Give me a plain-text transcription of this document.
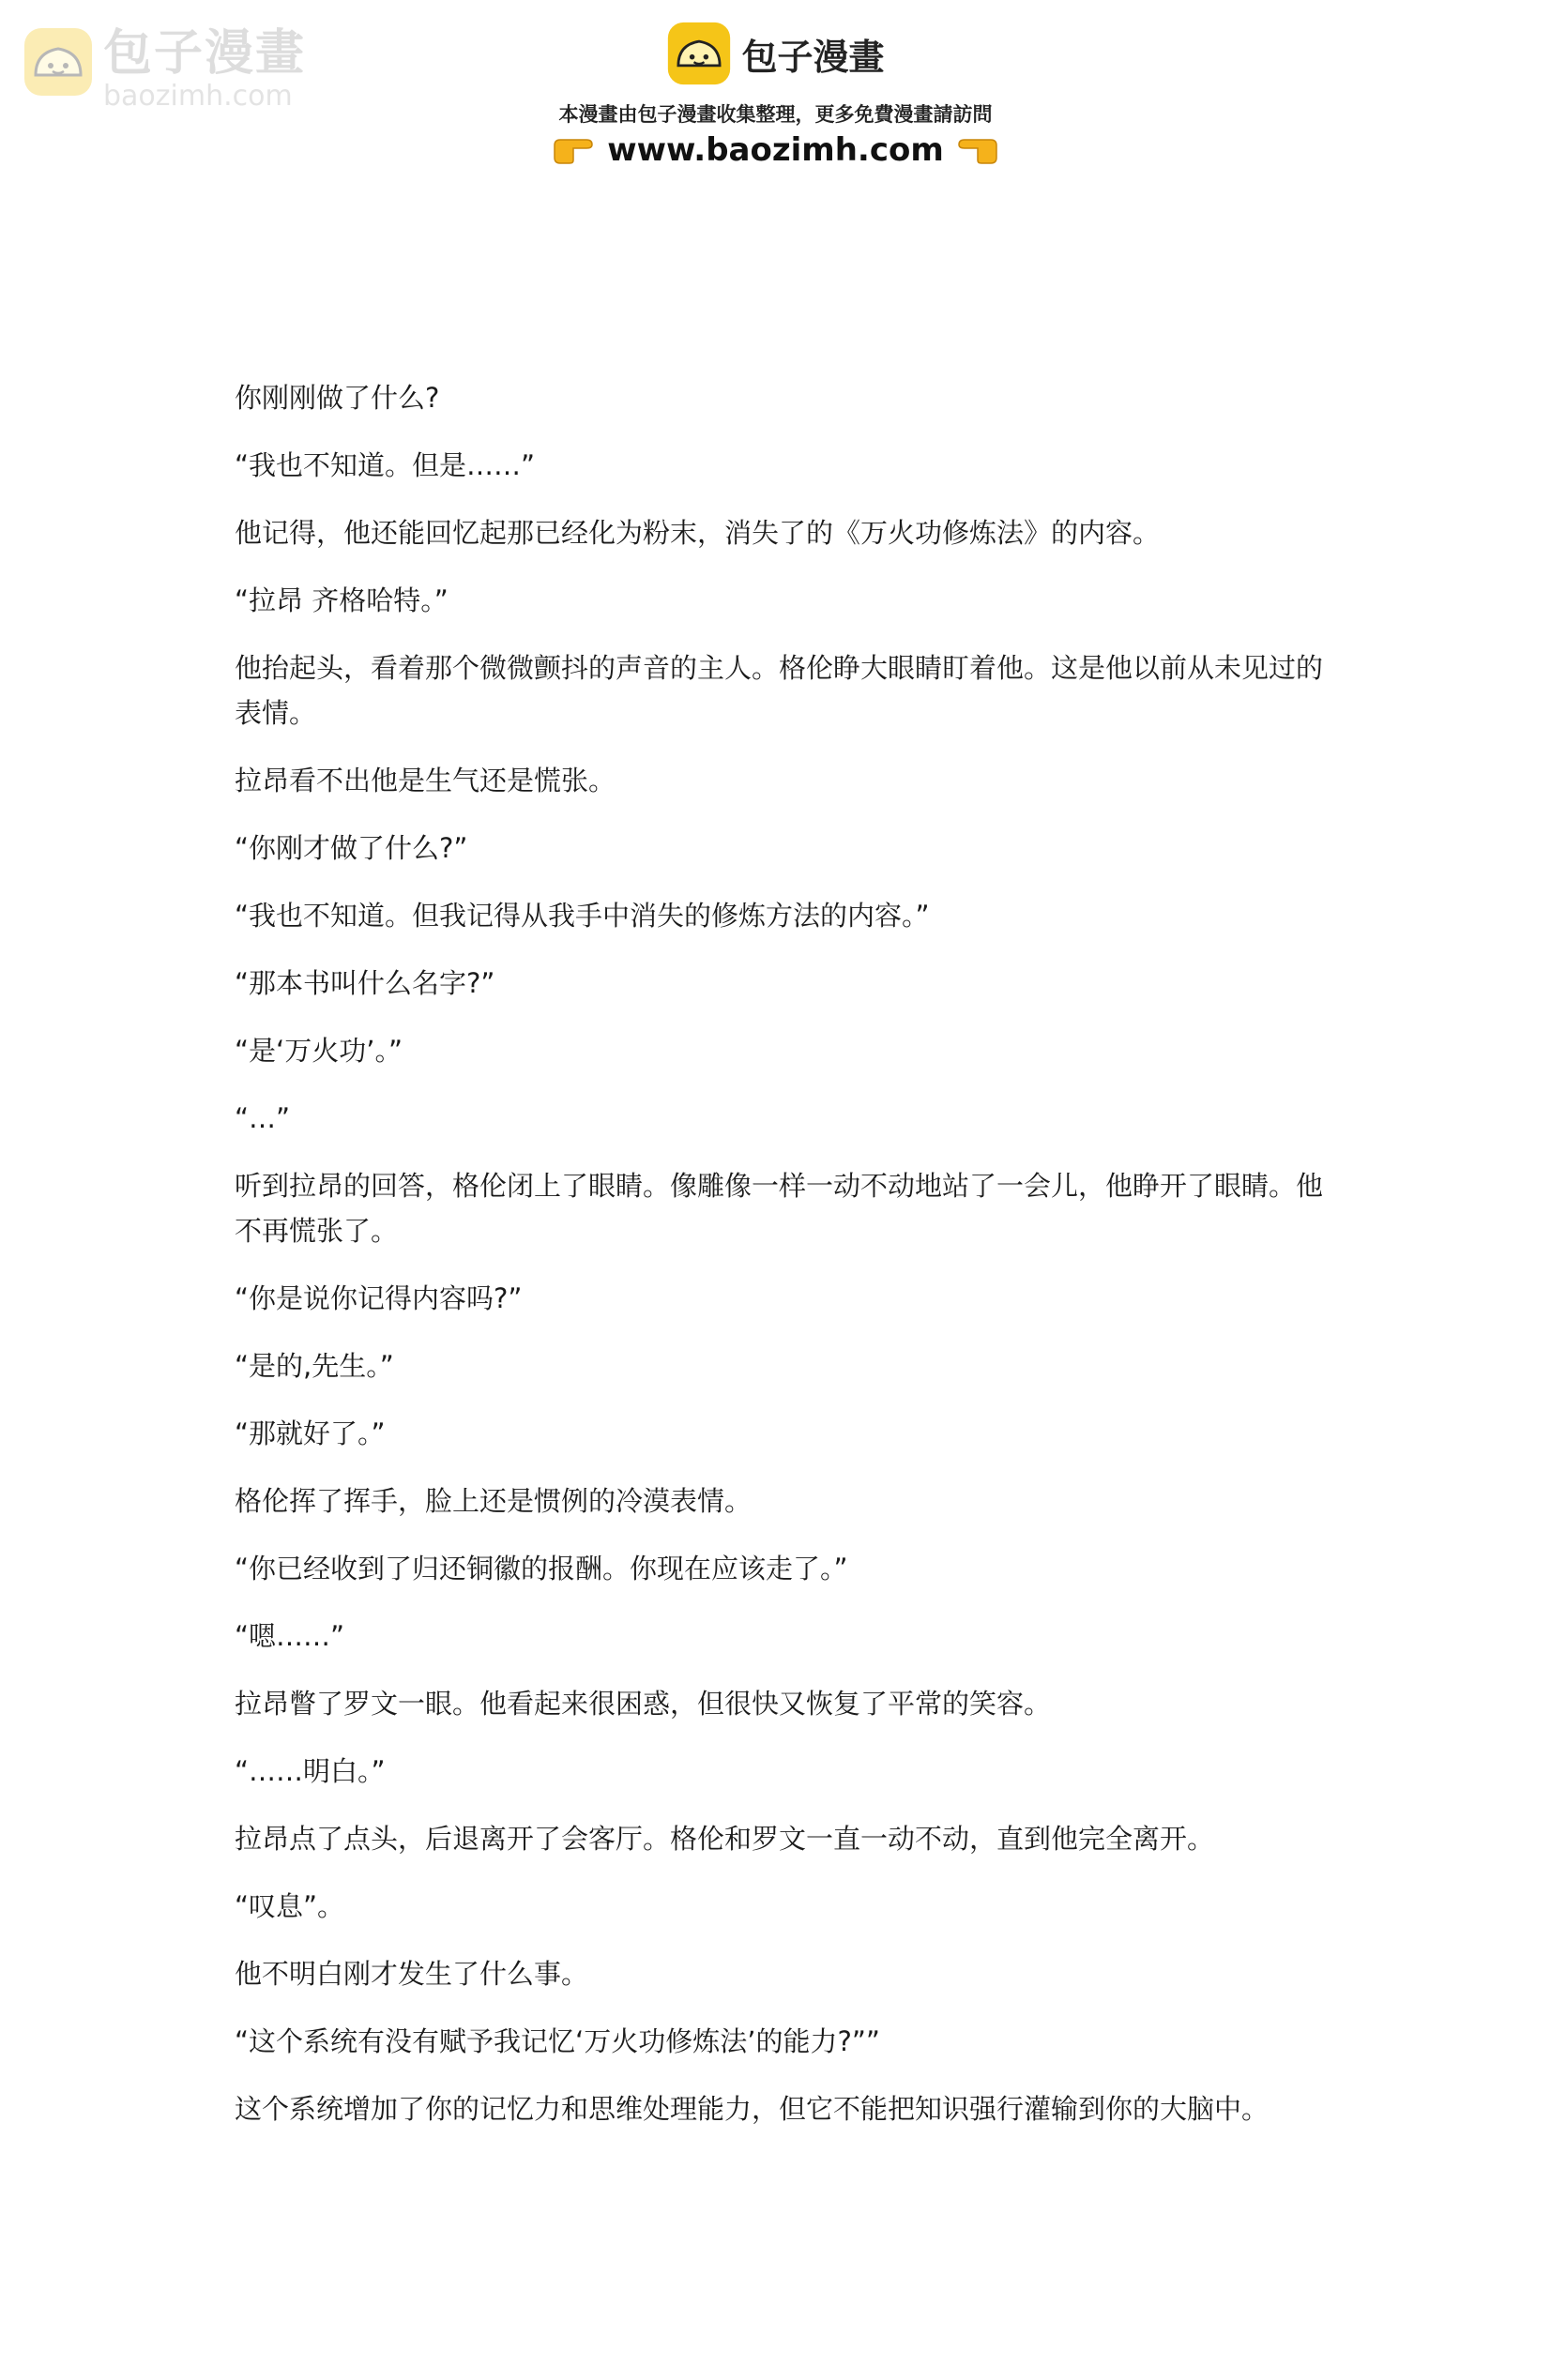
包子漫畫
baozimh.com
包子漫畫
本漫畫由包子漫畫收集整理，更多免費漫畫請訪問
www.baozimh.com

你刚刚做了什么?

“我也不知道。但是……”

他记得，他还能回忆起那已经化为粉末，消失了的《万火功修炼法》的内容。

“拉昂 齐格哈特。”

他抬起头，看着那个微微颤抖的声音的主人。格伦睁大眼睛盯着他。这是他以前从未见过的表情。

拉昂看不出他是生气还是慌张。

“你刚才做了什么?”

“我也不知道。但我记得从我手中消失的修炼方法的内容。”

“那本书叫什么名字?”

“是‘万火功’。”

“…”

听到拉昂的回答，格伦闭上了眼睛。像雕像一样一动不动地站了一会儿，他睁开了眼睛。他不再慌张了。

“你是说你记得内容吗?”

“是的,先生。”

“那就好了。”

格伦挥了挥手，脸上还是惯例的冷漠表情。

“你已经收到了归还铜徽的报酬。你现在应该走了。”

“嗯……”

拉昂瞥了罗文一眼。他看起来很困惑，但很快又恢复了平常的笑容。

“……明白。”

拉昂点了点头，后退离开了会客厅。格伦和罗文一直一动不动，直到他完全离开。

“叹息”。

他不明白刚才发生了什么事。

“这个系统有没有赋予我记忆‘万火功修炼法’的能力?””

这个系统增加了你的记忆力和思维处理能力，但它不能把知识强行灌输到你的大脑中。
